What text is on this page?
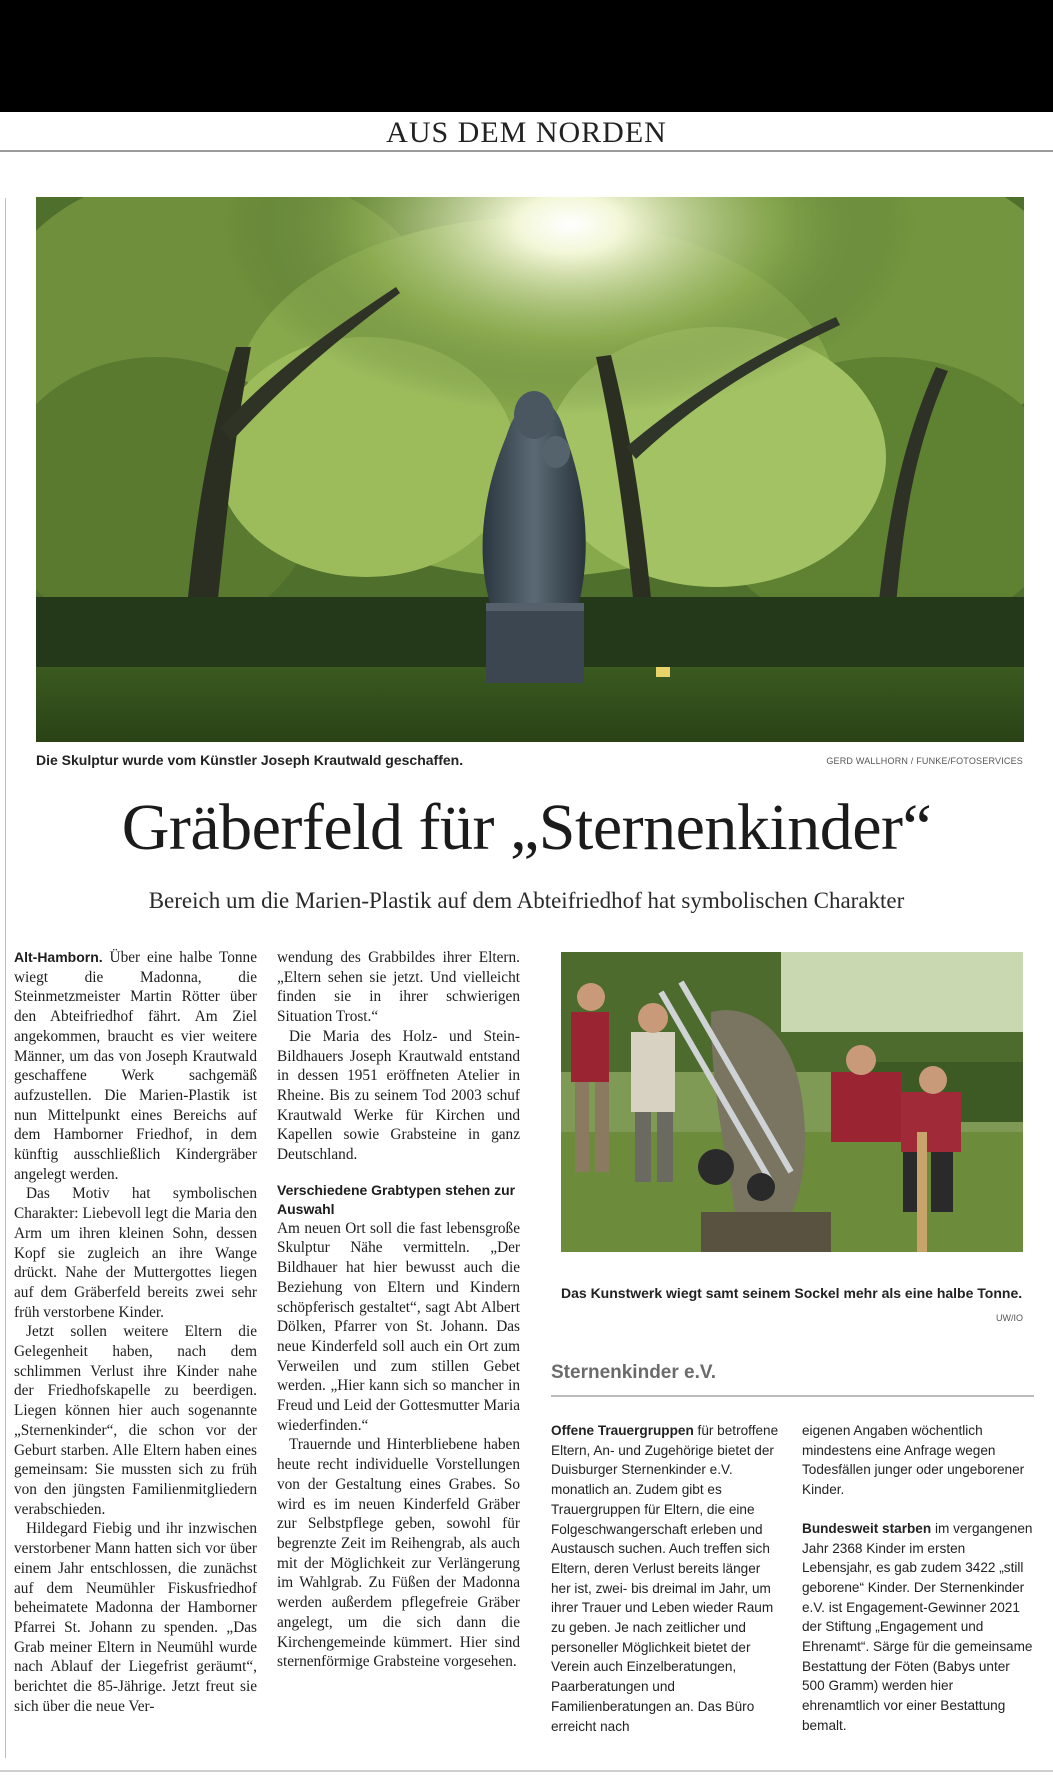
AUS DEM NORDEN
Die Skulptur wurde vom Künstler Joseph Krautwald geschaffen.	GERD WALLHORN / FUNKE/FOTOSERVICES
Gräberfeld für „Sternenkinder“
Bereich um die Marien-Plastik auf dem Abteifriedhof hat symbolischen Charakter

Alt-Hamborn. Über eine halbe Tonne wiegt die Madonna, die Steinmetzmeister Martin Rötter über den Abteifriedhof fährt. Am Ziel angekommen, braucht es vier weitere Männer, um das von Joseph Krautwald geschaffene Werk sachgemäß aufzustellen. Die Marien-Plastik ist nun Mittelpunkt eines Bereichs auf dem Hamborner Friedhof, in dem künftig ausschließlich Kindergräber angelegt werden.

Das Motiv hat symbolischen Charakter: Liebevoll legt die Maria den Arm um ihren kleinen Sohn, dessen Kopf sie zugleich an ihre Wange drückt. Nahe der Muttergottes liegen auf dem Gräberfeld bereits zwei sehr früh verstorbene Kinder.

Jetzt sollen weitere Eltern die Gelegenheit haben, nach dem schlimmen Verlust ihre Kinder nahe der Friedhofskapelle zu beerdigen. Liegen können hier auch sogenannte „Sternenkinder“, die schon vor der Geburt starben. Alle Eltern haben eines gemeinsam: Sie mussten sich zu früh von den jüngsten Familienmitgliedern verabschieden.

Hildegard Fiebig und ihr inzwischen verstorbener Mann hatten sich vor über einem Jahr entschlossen, die zunächst auf dem Neumühler Fiskusfriedhof beheimatete Madonna der Hamborner Pfarrei St. Johann zu spenden. „Das Grab meiner Eltern in Neumühl wurde nach Ablauf der Liegefrist geräumt“, berichtet die 85-Jährige. Jetzt freut sie sich über die neue Ver-

wendung des Grabbildes ihrer Eltern. „Eltern sehen sie jetzt. Und vielleicht finden sie in ihrer schwierigen Situation Trost.“

Die Maria des Holz- und Stein-Bildhauers Joseph Krautwald entstand in dessen 1951 eröffneten Atelier in Rheine. Bis zu seinem Tod 2003 schuf Krautwald Werke für Kirchen und Kapellen sowie Grabsteine in ganz Deutschland.

Verschiedene Grabtypen stehen zur Auswahl

Am neuen Ort soll die fast lebensgroße Skulptur Nähe vermitteln. „Der Bildhauer hat hier bewusst auch die Beziehung von Eltern und Kindern schöpferisch gestaltet“, sagt Abt Albert Dölken, Pfarrer von St. Johann. Das neue Kinderfeld soll auch ein Ort zum Verweilen und zum stillen Gebet werden. „Hier kann sich so mancher in Freud und Leid der Gottesmutter Maria wiederfinden.“

Trauernde und Hinterbliebene haben heute recht individuelle Vorstellungen von der Gestaltung eines Grabes. So wird es im neuen Kinderfeld Gräber zur Selbstpflege geben, sowohl für begrenzte Zeit im Reihengrab, als auch mit der Möglichkeit zur Verlängerung im Wahlgrab. Zu Füßen der Madonna werden außerdem pflegefreie Gräber angelegt, um die sich dann die Kirchengemeinde kümmert. Hier sind sternenförmige Grabsteine vorgesehen.

Das Kunstwerk wiegt samt seinem Sockel mehr als eine halbe Tonne.
UW/IO
Sternenkinder e.V.

Offene Trauergruppen für betroffene Eltern, An- und Zugehörige bietet der Duisburger Sternenkinder e.V. monatlich an. Zudem gibt es Trauergruppen für Eltern, die eine Folgeschwangerschaft erleben und Austausch suchen. Auch treffen sich Eltern, deren Verlust bereits länger her ist, zwei- bis dreimal im Jahr, um ihrer Trauer und Leben wieder Raum zu geben. Je nach zeitlicher und personeller Möglichkeit bietet der Verein auch Einzelberatungen, Paarberatungen und Familienberatungen an. Das Büro erreicht nach

eigenen Angaben wöchentlich mindestens eine Anfrage wegen Todesfällen junger oder ungeborener Kinder.

Bundesweit starben im vergangenen Jahr 2368 Kinder im ersten Lebensjahr, es gab zudem 3422 „still geborene“ Kinder. Der Sternenkinder e.V. ist Engagement-Gewinner 2021 der Stiftung „Engagement und Ehrenamt“. Särge für die gemeinsame Bestattung der Föten (Babys unter 500 Gramm) werden hier ehrenamtlich vor einer Bestattung bemalt.
